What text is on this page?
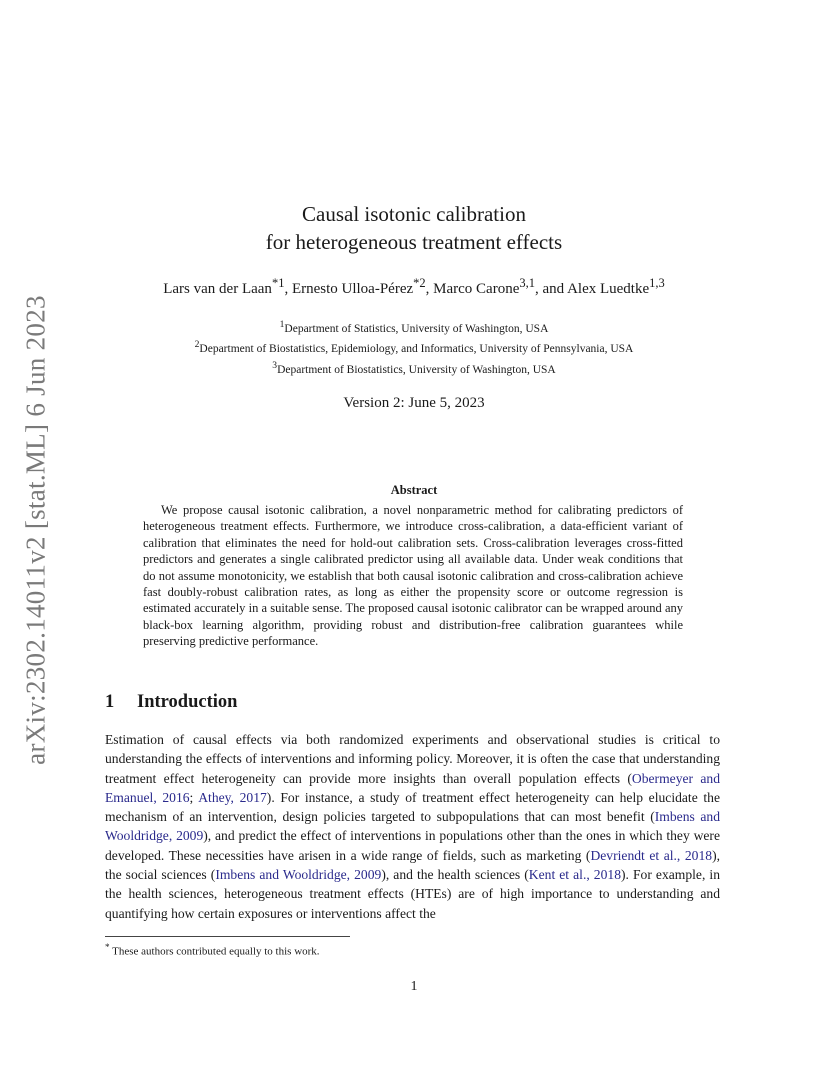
arXiv:2302.14011v2 [stat.ML] 6 Jun 2023
Causal isotonic calibration
for heterogeneous treatment effects
Lars van der Laan$^{*1}$, Ernesto Ulloa-Pérez$^{*2}$, Marco Carone$^{3,1}$, and Alex Luedtke$^{1,3}$
$^1$Department of Statistics, University of Washington, USA
$^2$Department of Biostatistics, Epidemiology, and Informatics, University of Pennsylvania, USA
$^3$Department of Biostatistics, University of Washington, USA
Version 2: June 5, 2023
Abstract
We propose causal isotonic calibration, a novel nonparametric method for calibrating predictors of heterogeneous treatment effects. Furthermore, we introduce cross-calibration, a data-efficient variant of calibration that eliminates the need for hold-out calibration sets. Cross-calibration leverages cross-fitted predictors and generates a single calibrated predictor using all available data. Under weak conditions that do not assume monotonicity, we establish that both causal isotonic calibration and cross-calibration achieve fast doubly-robust calibration rates, as long as either the propensity score or outcome regression is estimated accurately in a suitable sense. The proposed causal isotonic calibrator can be wrapped around any black-box learning algorithm, providing robust and distribution-free calibration guarantees while preserving predictive performance.
1 Introduction
Estimation of causal effects via both randomized experiments and observational studies is critical to understanding the effects of interventions and informing policy. Moreover, it is often the case that understanding treatment effect heterogeneity can provide more insights than overall population effects (Obermeyer and Emanuel, 2016; Athey, 2017). For instance, a study of treatment effect heterogeneity can help elucidate the mechanism of an intervention, design policies targeted to subpopulations that can most benefit (Imbens and Wooldridge, 2009), and predict the effect of interventions in populations other than the ones in which they were developed. These necessities have arisen in a wide range of fields, such as marketing (Devriendt et al., 2018), the social sciences (Imbens and Wooldridge, 2009), and the health sciences (Kent et al., 2018). For example, in the health sciences, heterogeneous treatment effects (HTEs) are of high importance to understanding and quantifying how certain exposures or interventions affect the
* These authors contributed equally to this work.
1
